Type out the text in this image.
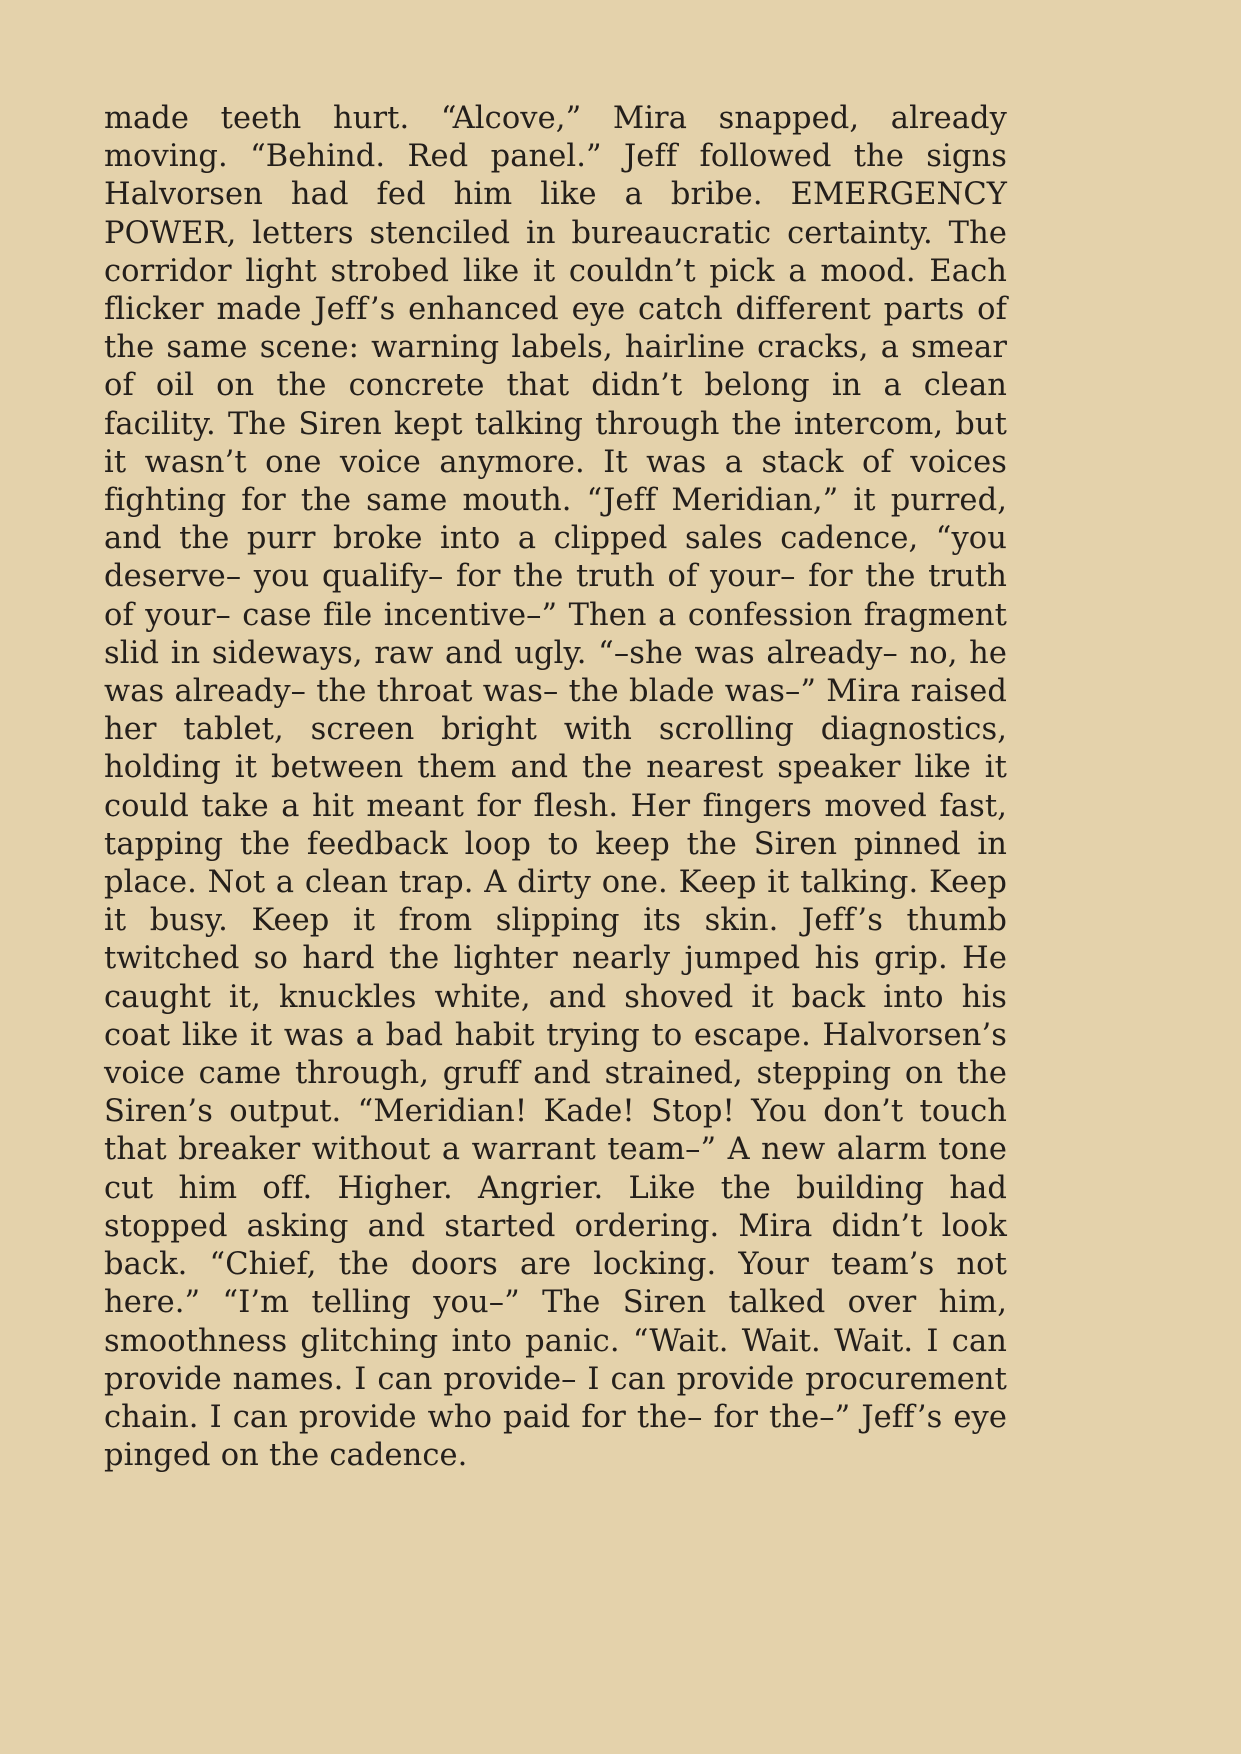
made teeth hurt. “Alcove,” Mira snapped, already moving. “Behind. Red panel.” Jeff followed the signs Halvorsen had fed him like a bribe. EMERGENCY POWER, letters stenciled in bureaucratic certainty. The corridor light strobed like it couldn’t pick a mood. Each flicker made Jeff’s enhanced eye catch different parts of the same scene: warning labels, hairline cracks, a smear of oil on the concrete that didn’t belong in a clean facility. The Siren kept talking through the intercom, but it wasn’t one voice anymore. It was a stack of voices fighting for the same mouth. “Jeff Meridian,” it purred, and the purr broke into a clipped sales cadence, “you deserve– you qualify– for the truth of your– for the truth of your– case file incentive–” Then a confession fragment slid in sideways, raw and ugly. “–she was already– no, he was already– the throat was– the blade was–” Mira raised her tablet, screen bright with scrolling diagnostics, holding it between them and the nearest speaker like it could take a hit meant for flesh. Her fingers moved fast, tapping the feedback loop to keep the Siren pinned in place. Not a clean trap. A dirty one. Keep it talking. Keep it busy. Keep it from slipping its skin. Jeff’s thumb twitched so hard the lighter nearly jumped his grip. He caught it, knuckles white, and shoved it back into his coat like it was a bad habit trying to escape. Halvorsen’s voice came through, gruff and strained, stepping on the Siren’s output. “Meridian! Kade! Stop! You don’t touch that breaker without a warrant team–” A new alarm tone cut him off. Higher. Angrier. Like the building had stopped asking and started ordering. Mira didn’t look back. “Chief, the doors are locking. Your team’s not here.” “I’m telling you–” The Siren talked over him, smoothness glitching into panic. “Wait. Wait. Wait. I can provide names. I can provide– I can provide procurement chain. I can provide who paid for the– for the–” Jeff’s eye pinged on the cadence.
